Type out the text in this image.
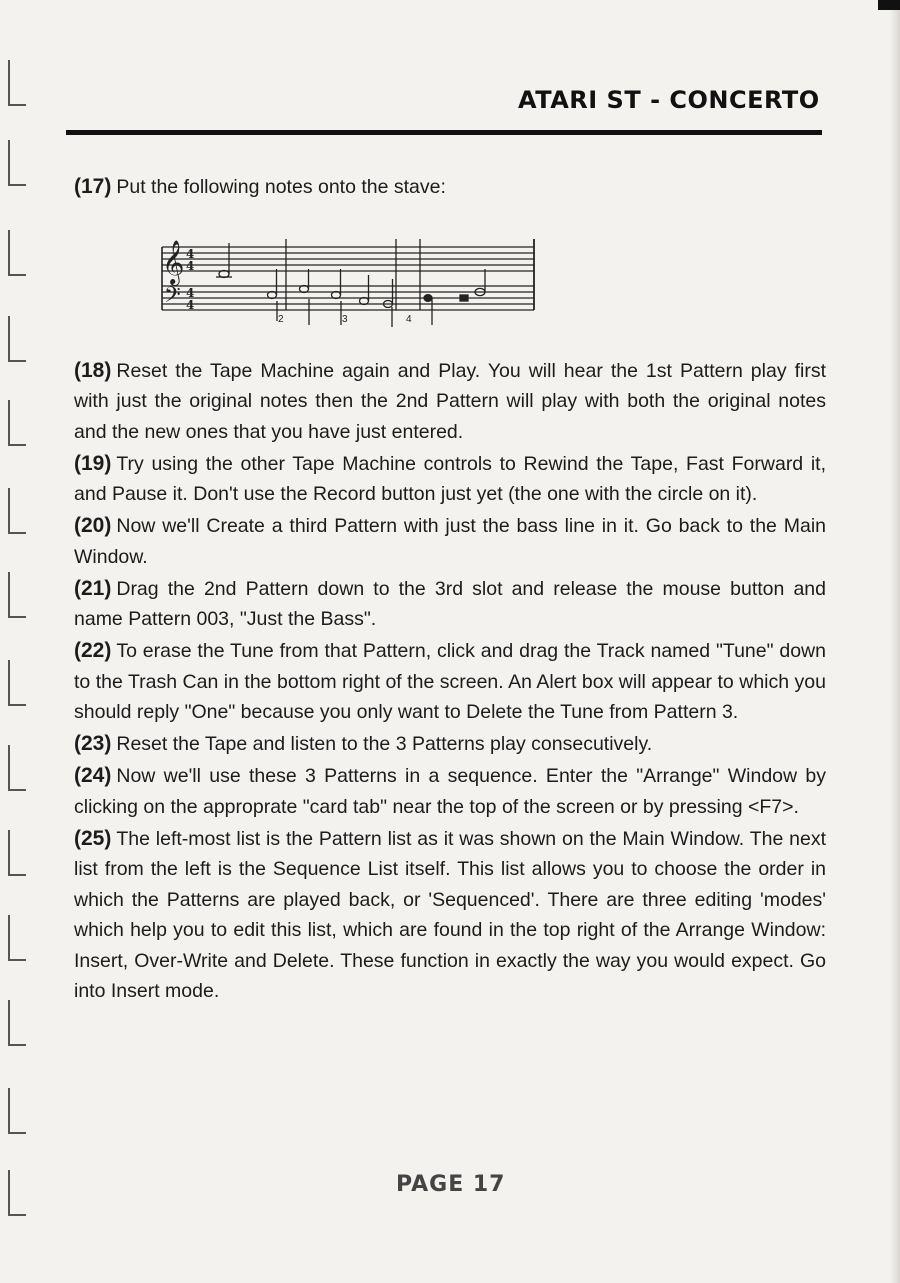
ATARI ST - CONCERTO

(17) Put the following notes onto the stave:

𝄞
𝄢
4
4
4
4
2	3	4

(18) Reset the Tape Machine again and Play. You will hear the 1st Pattern play first with just the original notes then the 2nd Pattern will play with both the original notes and the new ones that you have just entered.

(19) Try using the other Tape Machine controls to Rewind the Tape, Fast Forward it, and Pause it. Don't use the Record button just yet (the one with the circle on it).

(20) Now we'll Create a third Pattern with just the bass line in it. Go back to the Main Window.

(21) Drag the 2nd Pattern down to the 3rd slot and release the mouse button and name Pattern 003, "Just the Bass".

(22) To erase the Tune from that Pattern, click and drag the Track named "Tune" down to the Trash Can in the bottom right of the screen. An Alert box will appear to which you should reply "One" because you only want to Delete the Tune from Pattern 3.

(23) Reset the Tape and listen to the 3 Patterns play consecutively.

(24) Now we'll use these 3 Patterns in a sequence. Enter the "Arrange" Window by clicking on the approprate "card tab" near the top of the screen or by pressing <F7>.

(25) The left-most list is the Pattern list as it was shown on the Main Window. The next list from the left is the Sequence List itself. This list allows you to choose the order in which the Patterns are played back, or 'Sequenced'. There are three editing 'modes' which help you to edit this list, which are found in the top right of the Arrange Window: Insert, Over-Write and Delete. These function in exactly the way you would expect. Go into Insert mode.

PAGE 17
